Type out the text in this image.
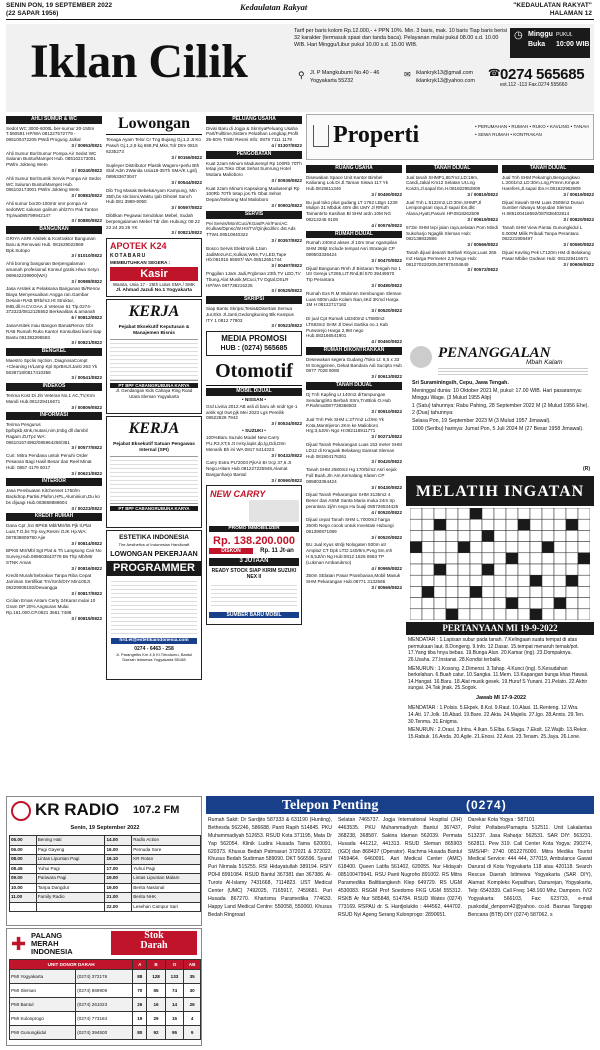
SENIN PON, 19 SEPTEMBER 2022
(22 SAPAR 1956)
Kedaulatan Rakyat	"KEDAULATAN RAKYAT"
HALAMAN 12
Iklan Cilik
Tarif per baris kolom Rp.12.000,- + PPN 10%. Min. 3 baris, mak. 10 baris Tiap baris berisi 32 karakter (termasuk spasi dan tanda baca). Pelayanan mulai pukul 08.00 s.d. 10.00 WIB. Hari Minggu/Libur pukul 10.00 s.d. 15.00 WIB.
◷ Minggu
Buka
PUKUL
10:00 WIB
⚲ Jl. P Mangkubumi No.40 - 46
Yogyakarta 55232
✉ iklankryk13@gmail.com
iklankryk13@yahoo.com
☎ 0274 565685
ext.112 -113 Fax.0274 555660
AHLI SUMUR & WC

Sedot WC 3000-6000L ber-sumur 20-150m T.560591 HP/WA 081227572779 - 085100472205 PWdi Progung Jalkal
3 / 00953/0821

Ahli Sumur Bor/Sumur Pompa Air Sedot WC Saluran Buntu/Mampet Hub. 085102173001 PWlm Jokteng Wetn
3 / 00240/0822

Ahli Sumur Bor/Suntik Servis Pompa Air Sedot WC Saluran Buntu/Mampet Hub. 085102173001 PWlm Jokteng Wetn
3 / 00883/0822

Ahli sumur bor20-100mtr smr pompa Air sedotWC saluran galirum ahl27m Pak Tanton Trp/wa085799942147
3 / 00880/0822

BANGUNAN

GRIYA ASRI Arsitek & Kontraktor Bangunan Baru & Renovasi Hub. 081529022869 Bpk.Sutopo
3 / 01010/0822

Ahli borong bangunan Berpengalaman amanah profesional Konsul gratis.H/wa Setyo 089642239900(WA)
3 / 00988/0822

Jasa Arsitek & Pelaksana Bangunan Bi/Renov Biaya Menyesuaikan Angga ran.Gambar Desain+RAB 5Rb/m2.Ht Struktur, IMB,dll.H.CV.GAA Ji Veteran 61 Tlp.0274-372323/0812125552 Berkwalitas & amanah
6 / 00812/0822

JasaArsitek mau Bangun Baru&Renov Gbr RAB Rumah Ruko Kantor Konsultasi kami siap Bantu 081393295583
3 / 00821/0822

BENGKEL

Maestro Spclis Injction ,DiagnosaCompt +Cleaning H/Lamp Kpl SprBrsJl.Janti 263 Yk 5638718/0817410358
3 / 00541/0822

INDEKOS

Terima Kost Di Jln Veteran No.1 AC,TV,Krm Mandi Hub.081229416671
3 / 00809/0822

INFORMASI

Terima Pengurus bp/bpkb,stnk,mutasi,nim,tmbg dll dambil Ragam ZUTpz WA: 085101574992/085964256/361
3 / 00577/0822

Curi: Mitra Pendana untuk Penuhi Order Pesanan Bagi Hasil Besar dan Reel Minat Hub: 0857 4179 6017
3 / 00621/0822

INTERIOR

Jasa Pembuatan Kitchenset 1750/m Backdrop,Partisi,Plafon,HPL,Aluminium,Du ko bs dijuagi Hub.083868888604
3 / 00223/0822

KREDIT RUMAH

Dana Cpt ,lnn BPKB Mbl/Mtr/55 Pjk tl,Plat Luar,T.O,bs Trp svy,Resmi OJK Hp.WA: 087838809790 Ajie
3 / 00814/0822

BPKB Mtr/Mbl Sgt Plat & Th Langsung Cair No Survey,Hub.089603843778 Bs Tltp Mb/Mtr STNK Aman
3 / 00816/0822

Kredit Murah/Sebrakan Tanpa Riba Cepat Jaminan Sertifikat Trn/Smh/DIY Min100Jt 08229008192/Dewangga
3 / 00817/0822

Cicilan Emas Antam Certy 24Karat mulai 10 Gram DP 20% Angsuran Mulai Rp.161.000.CP.0821 3561 7488
3 / 00819/0822

Lowongan

Tenaga Ayam Telor Cr Tng Bujang Gj.1,2 Jt Ko Pasuh Gj.1,2,8 kq 668,Pd,Mkn,Tdr Dtm 0815 6235273
3 / 00166/0822

Supleyer Distributor Plastik Wagem+perlu Bth Staf Adm 2Wanita Usia18-35Th SMA/K Lgsfj 089633673047
3 / 00544/0822

Dib Tng Masak Bebek&Ayam Kampung, Min 35th,bs stir.bisni,Waktu Ijab Dihotel Sanch Hub.081 3969-9050
3 / 00597/0822

Dibtlkan Pegawai Sendokan Mebel, Sudah berpengalaman Mebel Tdr dim Hubung: 08 22 23 24 25 26 YK
3 / 00821/0822

APOTEK K24
KOTABARU
MEMBUTUHKAN SEGERA :
Kasir
Wanita, Usia 17 - 25th Lulus SMA / SMK
Jl. Ahmad Jazuli No.1 Yogyakarta
KERJA
Pejabat Eksekutif Keputusan & Manajemen Bisnis
PT BPF CABANGRUBUNA KARYA
Jl. Gendangan Kids Cahaya Ring Road Utara Sleman Yogyakarta
KERJA
Pejabat Eksekutif Satuan Pengawas Internal (SPI)
PT BPF CABANGRUBUNA KARYA
ESTETIKA INDONESIA
The Aesthetics of Indonesian Handicraft
LOWONGAN PEKERJAAN
PROGRAMMER
hrd.el@estetikaindonesia.com
0274 - 6463 - 258
Jl. Parangtritis Km 4,5 Kl.Tirtodumu, Bantul Daerah Istimewa Yogyakarta 55188
PELUANG USAHA

Divisi Baru di Jogja & SkrmyaPeluang Usaha Part/Fulltime,Sistem Pelatihan Lengkap,Profit 25-50% TniBr Resmi Info: 0878 7111 1179
4 / 01307/0822

PENGOBATAN

Kuat 2Jam Minum Madusempl Rp 100Rb 70Th tetap jos.Toko Obat Sehat Sumrung Hotel Mutiara Malioboro
3 / 00939/0822

Kuat 2Jam Minum Kapsukong Madusempl Rp 100Rb 70Th tetap jos.Tk Obat Sehat Depan/Sebrang Mal Malioboro
3 / 00902/0822

SERVIS

Pei Servis/Mon/Cuci/KGas/P.Air/Fan/AC /Kulkas/Dpnsc/W.Htr/TV/Qinjkcd/krc dst Ads TTW4.08510840322
3 / 00357/0822

Bosco Servis Elektronik 1Jam JadiMezuAC,Kulkas,Wtre,TV,LED,Tape Hb:081915 65597/ WA.08512651744
3 / 00497/0822

Pnggilan 1Jam Jadi,Prgbman 23th,TV LED,TV Tbung,Alat Musik,MCuci,TV Dgtal,DSLR HP/WA 087738215225
3 / 00529/0822

SKRIPSI

Siap Bantu Skripsi,Tesis&Disertasi Semua Jur,Ekn Jl.Janti,Gedongkuning Blk Kampus ITY 1 0812 77803
3 / 00523/0822

MEDIA PROMOSI
HUB : (0274) 565685
Otomotif
MOBIL DIJUAL
• NISSAN •

Grd Livina 2012 AB asli di baru ah sndr tgn-1 antik sgt trwt pjk Mei 2023 Lgs Pemilik 08522829 7942
3 / 00534/0822

• SUZUKI •

100%Baru Suzuki Model New Carry PU,R3,XT,5 Jt mrsy,lapis,dp,lg,Ddi,Dtm Menarik Bh ini WA 0817 5414223
3 / 00432/0822

Carry Extra PU'2003 PjkAir Br trcp 37,5 Jt Nego,Hitam Hub.081227225948,Alamat Bangunharjo Bantul
3 / 00590/0822

NEW CARRY
PROMO IMMOBILIZER
Rp. 138.200.000
DISKON	Rp. 11 Jt-an
3 JUTAAN
READY STOCK SIAP KIRIM SUZUKI NEX II
SUMBER BARU MOBIL
Properti	• PERUMAHAN • RUMAH • RUKO • KAVLING • TANAH • SEWA RUMAH • KONTRAKAN
RUANG USAHA

Disewakan Space Unit Kantor Bimbel Kaliurang Lok.Di Jl.Taman Siswa 117 Yk Hub.0819611346
3 / 00490/0822

Bu jual toko plus gudang LT 1762 LBgn 1239 Mulipn 31 Mbduk 40m dkt UMY Jl RRuth Tamantirto Kasihan Bl SHM ardn 10M NG 08212245 0108
4 / 00576/0822

RUMAH DIJUAL

Rumah 240m2 akses Jl 10m tmur ngampilan SHM 286jt Include tempat Asri Strategis CP 089503336424
3 / 00470/0822

Dijual Bangunan Rmh Jl Bintaran Tengah No 1 Utr Gereja LT265,LtT.Rnd,Bl 570 39449670 Trp Perantara
3 / 00480/0822

Rumah Exs R.M Wulonsn Sembungan Sleman Luas 600m,ada Kolam Ikan,4Kd 3Kmd Harga 1M H 08122717162
3 / 00520/0822

Di jual Cpt Rumah LB340m2 LT680m2 LT683m2 SHM Jl Dewi Sartika no.1 Kab Purworejo Harga 2,9M nego Hub.082166541901
4 / 00460/0822

RUMAH DIKONTRAKKAN

Desewakan segera Gudang /Toko Lt: 8,5 x 33 M Songgenen, Dekat Bandara Adi Sucipto Hub 0877 7028 8080
3 / 00613/0822

TANAH DIJUAL

Dj Tnh Kapling Lt 140m2 diTampungan Sendangtirto Berbah Strm,TnrBlok O.Hub P.Rahmat087738366503
3 / 00910/0822

Jual Tnh Pek SHM L:277m2 Ld:9m Yk Kota,Mantrijeron 2Km ke Malioboro Hrg:3,5Jt/m Ngo H:082118911771
3 / 00271/0822

Dijual Tanah Pekarangan Luas 153 meter SHM LD12 di Kraguak Belakang Samsat Sleman Hub 081904178261
3 / 00420/0822

Tanah SHM 2580m2 Hg 170rb/m2 Asri sejuk Full Buah,Jln Am,Kemalang Klaten CP 085803364424
3 / 00430/0822

Dijual Tanah Pekarangan SHM 3135m2 4 Bener dan ASMI Santa Maria muka 24m trp perantara 1lj/m nego Hu buaji 085726534425
4 / 00520/0822

Dijual cepat Tanah SHM L.7000m2 harga 350rb Nego cocok untuk Investasi Hubungi 081390871089
3 / 00520/0822

BU Jual Kyus strdji Nologaten 500m utr Amplaz CT Dpk LT:D:140/8m,Pvng 5m,mh H:6,5Jt/m Ng Hub:0812 1526 0663 TP (Lukman Ambarukmo)
4 / 00965/0822

350m SElatan Pasar Prambanan,Mobil Masuk SHM Pekarangan Hub.08771 3132566
3 / 00569/0822

TANAH DIJUAL

Jual tanah SHMP1,867m2,LD:18m, Candi,Jakal Km12 Selatan UI,Lng Kos2n,Jl.sapal Ibn.H.081822952809
3 / 00819/0822

Jual Tnh L:5122m2,LD:30m,SHMP,Jl Lempongsari raya,Jl sapal Ibn,dkt Alana,Hyatt,Pasum HP.0818262509
3 / 00619/0822

573m SHM tepi jalan raya,selatan Pom Mindi Sukoharjo Ngaglik Sleman Hub: 082138832886
3 / 00566/0822

Tanah dijual dearah Berbah Kloyar,Luas 265 m2 Harga Permeter 2,5 Nego Hub: 081270220205,087870404649
3 / 00572/0822

TANAH DIJUAL

Jual Tnh SHM Pekarngn,Bengungkwo L:2001m2,LD:30m,Lng,Prmnn,Kmpus Harefers,Jl.sapal Ibn.H.081822952809
3 / 00619/0822

Dijual Sawah SHM Luas 2508m2 Dusun Sumber ridwayu Moyudan Sleman H.085100418692/087838402814
3 / 00820/0822

Tanah SHM View Pantai Gunungkidul L 5.000M Milik Pribadi Tanpa Perantara 082221908497
3 / 00590/0822

Dijual Kavling Pek LT120m HM di Belakang Pasar Mbibe Godean Hub: 081229416671
3 / 00606/0822

PENANGGALAN
Mbah Kalam
Sri Suraminingsih, Cepu, Jawa Tengah.
Meninggal dunia: 10 Oktober 2021 M, pukul: 17.00 WIB. Hari pasarannya: Minggu Wage. (3 Mulud 1955 Alip)
1 (Satu) tahunnya: Rabu Pahing, 28 September 2022 M (2 Mulud 1956 Ehe). 2 (Dua) tahunnya:
Selasa Pon, 19 September 2023 M (3 Mulud 1957 Jimawal).
1000 (Seribu) harinya: Jumat Pon, 5 Juli 2024 M (27 Besar 1958 Jimawal).
(R)
MELATIH INGATAN
PERTANYAAN MI 19-9-2022

MENDATAR : 1.Lapisan subur pada tanah. 7.Kelingaan suatu tempat di atas permukaan laut. 8.Dongeng. 9.Info. 12.Dasar. 15.tempat menaruh ternak/pot. 17.Yang tiba hnya bebas. 19.Bunga Alun. 20.Kamar (ing). 23.Dompaknya. 26.Usaha. 27.Instansi. 28.Kondisi terbalik.

MENURUN : 1.Kosong. 2.Dimensi. 3.Tahap. 4.Kunci (ing). 5.Kesudahan berkelahan. 6.Buah catur. 10.Sangka. 11.Mem. 13.Kapangan bunga khas Hawaii. 14.Hangat. 16.Baru. 18.Alat musik gesek. 19.Huruf S Yunani. 21.Pelato. 22.Akhir sungai. 24.Tak jinak. 25.Sogok.

Jawab MI 17-9-2022

MENDATAR : 1.Polsis. 5.Ekpek. 8.Kol. 9.Raut. 10.Alasi. 11.Renteng. 12.Wra. 14.Ati. 17.Jolk. 18.Abad. 19.Bare. 22.Akta. 24.Majelis. 27.Igo. 28.Annis. 29.Ten.

30.Tenma. 31.Enigma.

MENURUN : 2.Orasi. 3.Intra. 4.Ikan. 5.Elba. 6.Siaga. 7.Ekslt. 12.Wajib. 13.Rekor. 15.Rabuk. 16.Anda. 20.Agile. 21.Enosi. 22.Assi. 23.Tenam. 25.Jaya. 26.Lone.

KR RADIO 107.2 FM
Senin, 19 September 2022
05.00	Bening Hati	14.00	Radio Action
06.00	Pagi Gayeng	16.00	Pemuda Sore
08.00	Lintas Lipuntan Pagi	16.10	KR Rotan
08.45	Yuhui Pagi	17.00	Yuhui Pagi
09.00	Pariwara Pagi	19.00	Lintas Lipuntan Malam
10.00	Tanpa Dangdut	19.00	Berita Nasional
11.00	Family Radio	21.00	Berita NHK
		22.00	Lesehan Campur Sari
✚ PALANG
MERAH
INDONESIA
Stok
Darah
UNIT DONOR DARAH		A	B	O	AB
PMI Yogyakarta	(0274) 372176	88	128	133	35
PMI Sleman	(0274) 869909	70	55	74	30
PMI Bantul	(0274) 261023	26	16	14	26
PMI Kulonprogo	(0274) 773184	19	29	15	4
PMI Gunungkidul	(0274) 394500	80	92	95	9
Telepon Penting	(0274)
Rumah Sakit: Dr Sardjito 587333 & 631190 (Hunting), Bethesda 562246, 586688. Panti Rapih 514845. PKU Muhammadiyah 512653. RSUD Kota 371195, Mata Dr Yap 562054. Klinik Ludira Husada Tama 620091, 620373. Khusus Bedah Patmasuri 372021 & 372022. Khusus Bedah Sudirman 589090. DKT 566596. Syaraf Puri Nirmala 515255. RSI Hidayatullah 389194. RSIY PDHI 8991084. RSUD Bantul 367381 dan 367386. Al-Turots Al-Islamy 7431668, 7114823. UST Medical Center (UMC) 7492025, 7165917, 7459681. Puri Husada 867270. Kharisma Paramedika 774633. Happy Land Medical Centre: 550058, 550060. Khusus Bedah Ringroad
Selatan 7465737. Jogja International Hospital (JIH) 4463535. PKU Muhammadiyah Bantul 367437, 368238, 368587. Sakina Idaman 562039. Permata Husada 441212, 441313. RSUD Sleman 865903 (IGD) dan 868437 (Operator). Rachma Husada Bantul 7459464. 6460091. Asri Medical Center (AMC) 618400. Queen Latifa 561402, 620055. Nur Hidayah 085100479941. RSU Panti Nugroho 891002. RS Mitra Paramedika Balitbangkesh Klep 649729. RS UGM 4530083. RSGM Prof Soedomo FKG UGM 555312. RSKB Ar Nur 585848, 514784. RSUD Wates (0274) 773169. RSPAU dr. S. Hardjolukito : 444562, 444702. RSUD Nyi Ageng Serang Kulonprogo: 2890651.
Darekar Kota Yogya : 587101
Polisi: Poltabes/Pamapta 512511. Unit Lakalantas 513237. Jasa Raharja: 562531. SAR DIY: 563231. 562811. Pew 319. Call Center Kota Yogya: 290274, SMS/HP: 2740 0812276000. Mitra Medika Tourist Medical Service: 444 444, 377019, Ambulance Gawat Darurat di Kota Yogyakarta 118 atau 420118. Search Rescue Daerah Istimewa Yogyakarta (SAR DIY), Alamat: Kompleks Kepatihan, Danurejan, Yogyakarta, Telp: 6543339. Call Freq: 148.160 Mhz. Damporn. IV/2 Yogyakarta: 566103, Fax: 623733, e-mail puskodal_denporn42@yahoo. co.id. Basnas Tanggap Bencana (BTB) DIY (0274) 587062. s
